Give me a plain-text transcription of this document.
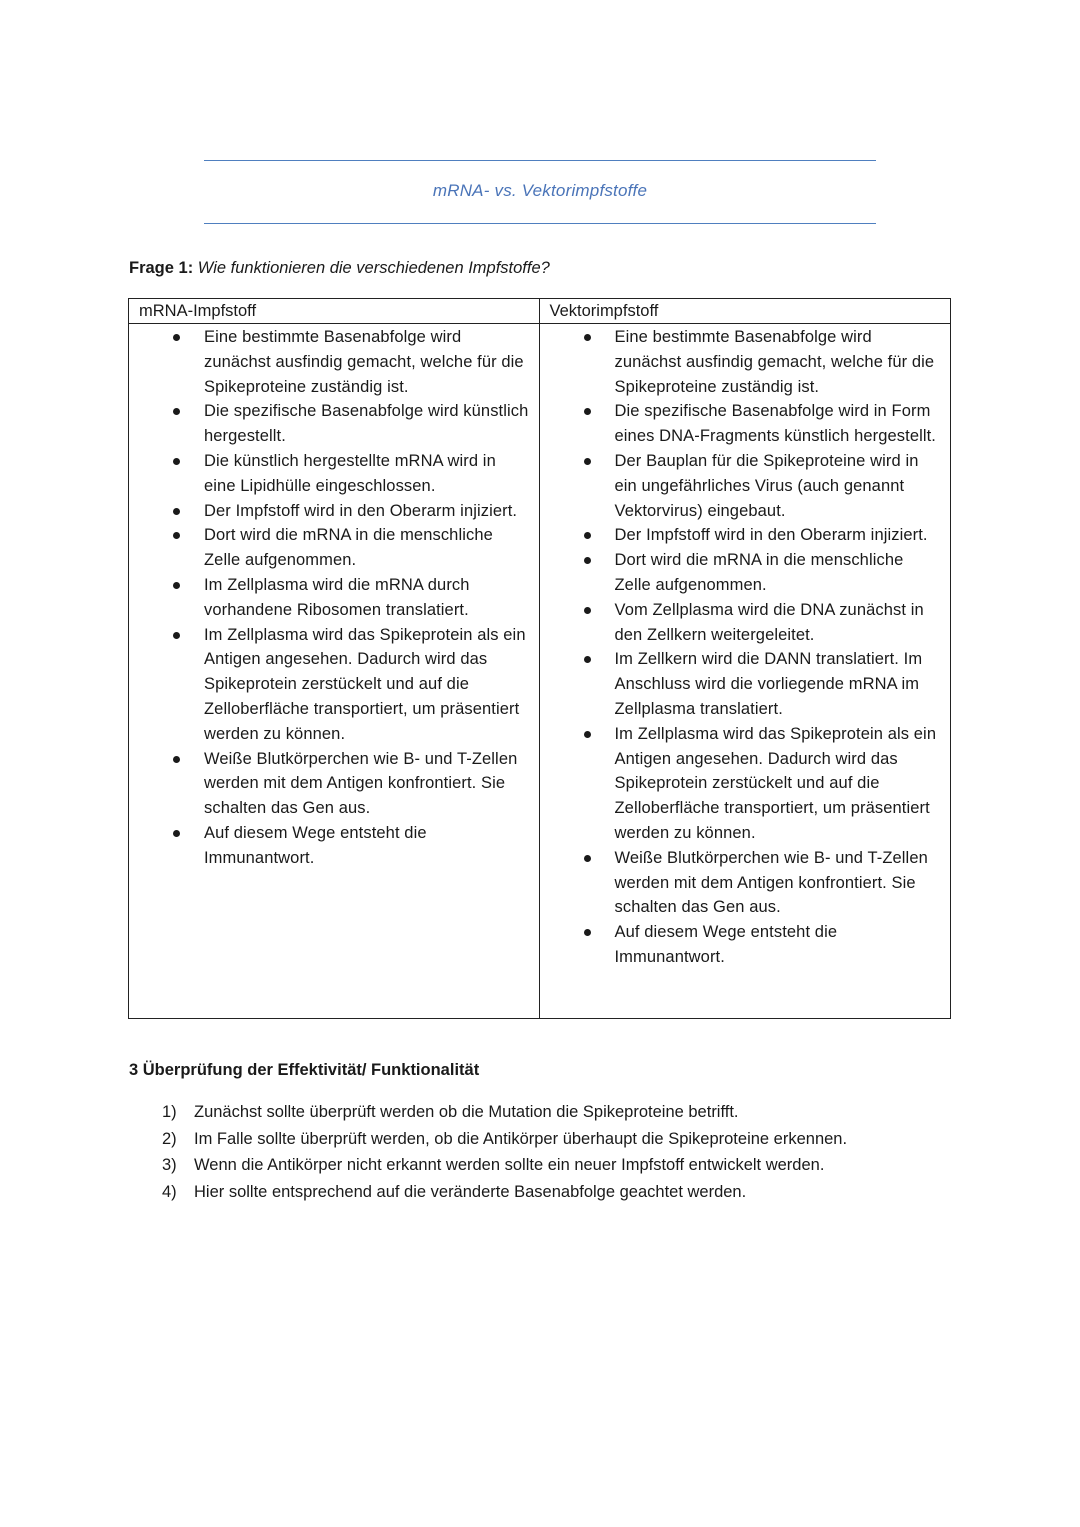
mRNA- vs. Vektorimpfstoffe
Frage 1: Wie funktionieren die verschiedenen Impfstoffe?
mRNA-Impfstoff
Eine bestimmte Basenabfolge wird zunächst ausfindig gemacht, welche für die Spikeproteine zuständig ist.
Die spezifische Basenabfolge wird künstlich hergestellt.
Die künstlich hergestellte mRNA wird in eine Lipidhülle eingeschlossen.
Der Impfstoff wird in den Oberarm injiziert.
Dort wird die mRNA in die menschliche Zelle aufgenommen.
Im Zellplasma wird die mRNA durch vorhandene Ribosomen translatiert.
Im Zellplasma wird das Spikeprotein als ein Antigen angesehen. Dadurch wird das Spikeprotein zerstückelt und auf die Zelloberfläche transportiert, um präsentiert werden zu können.
Weiße Blutkörperchen wie B- und T-Zellen werden mit dem Antigen konfrontiert. Sie schalten das Gen aus.
Auf diesem Wege entsteht die Immunantwort.
Vektorimpfstoff
Eine bestimmte Basenabfolge wird zunächst ausfindig gemacht, welche für die Spikeproteine zuständig ist.
Die spezifische Basenabfolge wird in Form eines DNA-Fragments künstlich hergestellt.
Der Bauplan für die Spikeproteine wird in ein ungefährliches Virus (auch genannt Vektorvirus) eingebaut.
Der Impfstoff wird in den Oberarm injiziert.
Dort wird die mRNA in die menschliche Zelle aufgenommen.
Vom Zellplasma wird die DNA zunächst in den Zellkern weitergeleitet.
Im Zellkern wird die DANN translatiert. Im Anschluss wird die vorliegende mRNA im Zellplasma translatiert.
Im Zellplasma wird das Spikeprotein als ein Antigen angesehen. Dadurch wird das Spikeprotein zerstückelt und auf die Zelloberfläche transportiert, um präsentiert werden zu können.
Weiße Blutkörperchen wie B- und T-Zellen werden mit dem Antigen konfrontiert. Sie schalten das Gen aus.
Auf diesem Wege entsteht die Immunantwort.
3 Überprüfung der Effektivität/ Funktionalität
1) Zunächst sollte überprüft werden ob die Mutation die Spikeproteine betrifft.
2) Im Falle sollte überprüft werden, ob die Antikörper überhaupt die Spikeproteine erkennen.
3) Wenn die Antikörper nicht erkannt werden sollte ein neuer Impfstoff entwickelt werden.
4) Hier sollte entsprechend auf die veränderte Basenabfolge geachtet werden.
